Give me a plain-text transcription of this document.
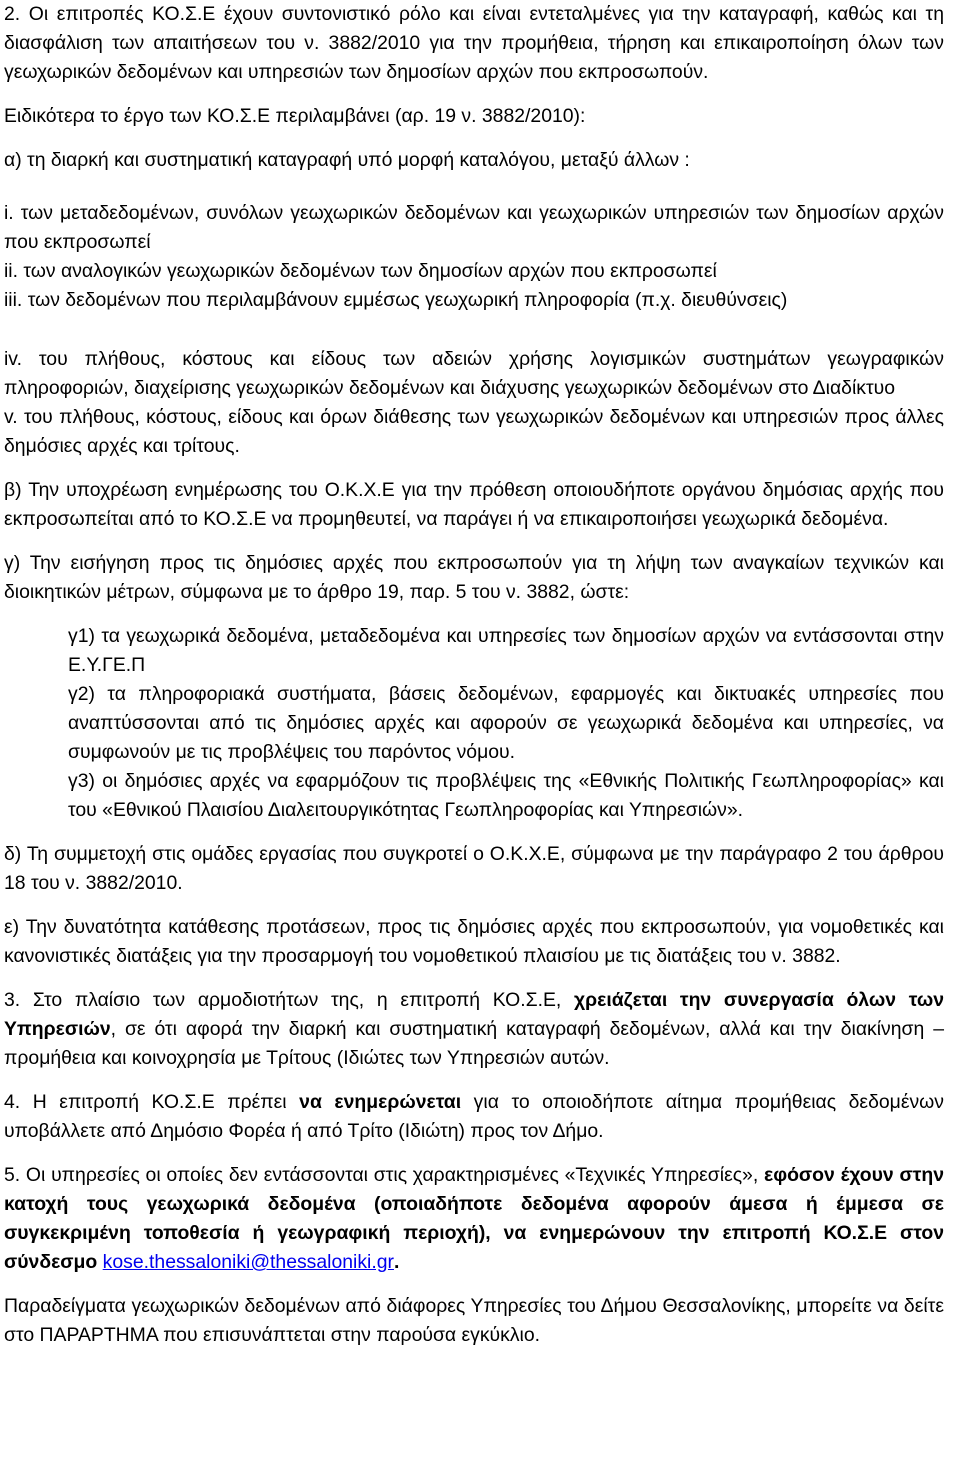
2. Οι επιτροπές ΚΟ.Σ.Ε έχουν συντονιστικό ρόλο και είναι εντεταλμένες για την καταγραφή, καθώς και τη διασφάλιση των απαιτήσεων του ν. 3882/2010 για την προμήθεια, τήρηση και επικαιροποίηση όλων των γεωχωρικών δεδομένων και υπηρεσιών των δημοσίων αρχών που εκπροσωπούν.

Ειδικότερα το έργο των ΚΟ.Σ.Ε περιλαμβάνει (αρ. 19 ν. 3882/2010):

α) τη διαρκή και συστηματική καταγραφή υπό μορφή καταλόγου, μεταξύ άλλων :

i. των μεταδεδομένων, συνόλων γεωχωρικών δεδομένων και γεωχωρικών υπηρεσιών των δημοσίων αρχών που εκπροσωπεί

ii. των αναλογικών γεωχωρικών δεδομένων των δημοσίων αρχών που εκπροσωπεί

iii. των δεδομένων που περιλαμβάνουν εμμέσως γεωχωρική πληροφορία (π.χ. διευθύνσεις)

iv. του πλήθους, κόστους και είδους των αδειών χρήσης λογισμικών συστημάτων γεωγραφικών πληροφοριών, διαχείρισης γεωχωρικών δεδομένων και διάχυσης γεωχωρικών δεδομένων στο Διαδίκτυο

v. του πλήθους, κόστους, είδους και όρων διάθεσης των γεωχωρικών δεδομένων και υπηρεσιών προς άλλες δημόσιες αρχές και τρίτους.

β) Την υποχρέωση ενημέρωσης του Ο.Κ.Χ.Ε για την πρόθεση οποιουδήποτε οργάνου δημόσιας αρχής που εκπροσωπείται από το ΚΟ.Σ.Ε να προμηθευτεί, να παράγει ή να επικαιροποιήσει γεωχωρικά δεδομένα.

γ) Την εισήγηση προς τις δημόσιες αρχές που εκπροσωπούν για τη λήψη των αναγκαίων τεχνικών και διοικητικών μέτρων, σύμφωνα με το άρθρο 19, παρ. 5 του ν. 3882, ώστε:

γ1) τα γεωχωρικά δεδομένα, μεταδεδομένα και υπηρεσίες των δημοσίων αρχών να εντάσσονται στην Ε.Υ.ΓΕ.Π

γ2) τα πληροφοριακά συστήματα, βάσεις δεδομένων, εφαρμογές και δικτυακές υπηρεσίες που αναπτύσσονται από τις δημόσιες αρχές και αφορούν σε γεωχωρικά δεδομένα και υπηρεσίες, να συμφωνούν με τις προβλέψεις του παρόντος νόμου.

γ3) οι δημόσιες αρχές να εφαρμόζουν τις προβλέψεις της «Εθνικής Πολιτικής Γεωπληροφορίας» και του «Εθνικού Πλαισίου Διαλειτουργικότητας Γεωπληροφορίας και Υπηρεσιών».

δ) Τη συμμετοχή στις ομάδες εργασίας που συγκροτεί ο Ο.Κ.Χ.Ε, σύμφωνα με την παράγραφο 2 του άρθρου 18 του ν. 3882/2010.

ε) Την δυνατότητα κατάθεσης προτάσεων, προς τις δημόσιες αρχές που εκπροσωπούν, για νομοθετικές και κανονιστικές διατάξεις για την προσαρμογή του νομοθετικού πλαισίου με τις διατάξεις του ν. 3882.

3. Στο πλαίσιο των αρμοδιοτήτων της, η επιτροπή ΚΟ.Σ.Ε, χρειάζεται την συνεργασία όλων των Υπηρεσιών, σε ότι αφορά την διαρκή και συστηματική καταγραφή δεδομένων, αλλά και τηv διακίνηση – προμήθεια και κοινοχρησία με Τρίτους (Ιδιώτες των Υπηρεσιών αυτών.

4. Η επιτροπή ΚΟ.Σ.Ε πρέπει να ενημερώνεται για το οποιοδήποτε αίτημα προμήθειας δεδομένων υποβάλλετε από Δημόσιο Φορέα ή από Τρίτο (Ιδιώτη) προς τον Δήμο.

5. Οι υπηρεσίες οι οποίες δεν εντάσσονται στις χαρακτηρισμένες «Τεχνικές Υπηρεσίες», εφόσον έχουν στην κατοχή τους γεωχωρικά δεδομένα (οποιαδήποτε δεδομένα αφορούν άμεσα ή έμμεσα σε συγκεκριμένη τοποθεσία ή γεωγραφική περιοχή), να ενημερώνουν την επιτροπή ΚΟ.Σ.Ε στον σύνδεσμο kose.thessaloniki@thessaloniki.gr.

Παραδείγματα γεωχωρικών δεδομένων από διάφορες Υπηρεσίες του Δήμου Θεσσαλονίκης, μπορείτε να δείτε στο ΠΑΡΑΡΤΗΜΑ που επισυνάπτεται στην παρούσα εγκύκλιο.
